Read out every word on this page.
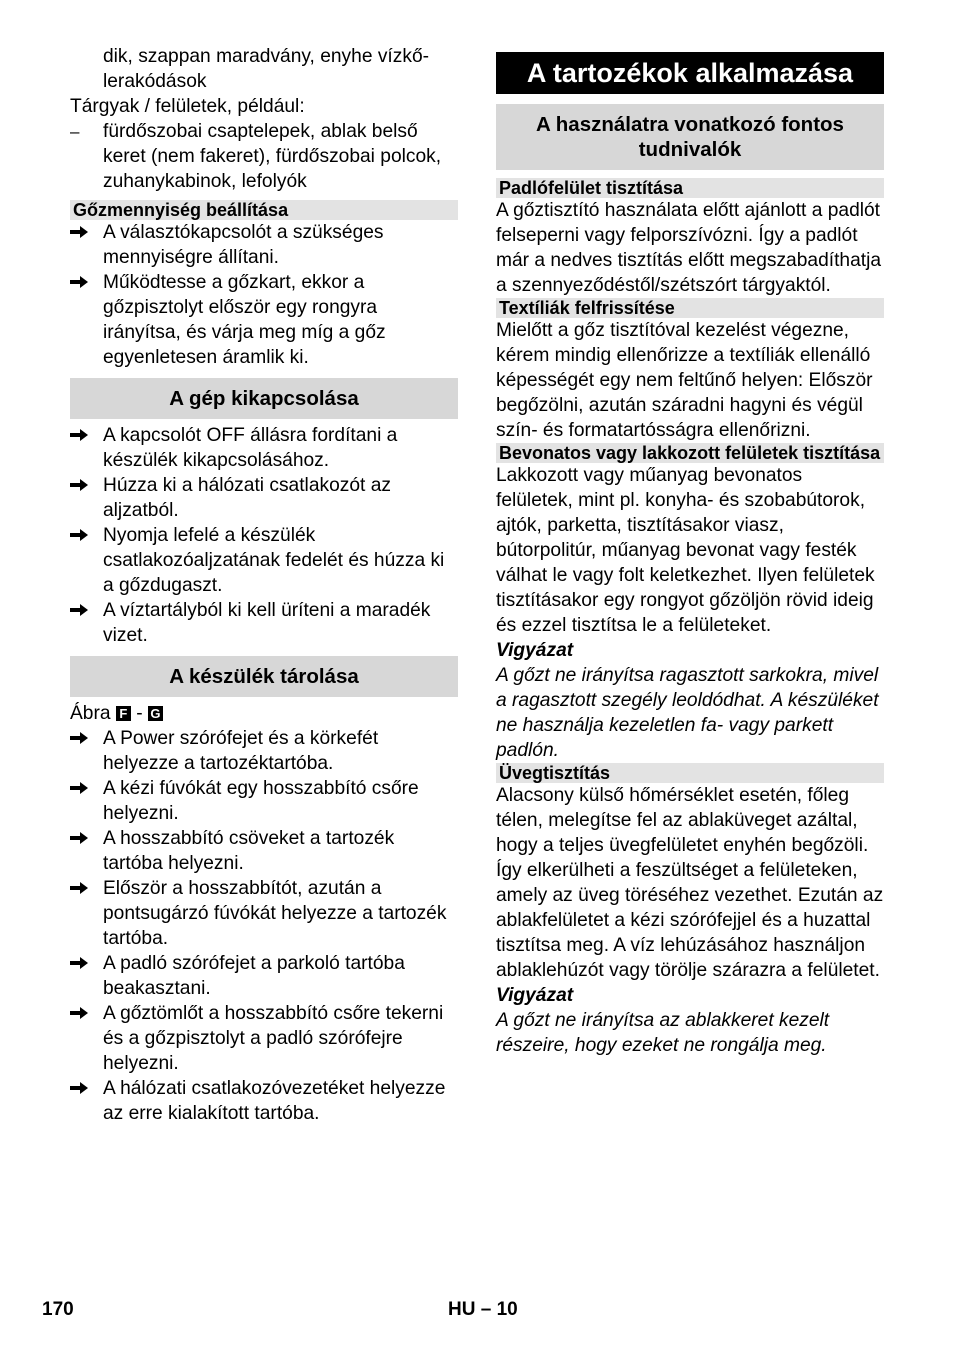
dik, szappan maradvány, enyhe vízkő-lerakódások

Tárgyak / felületek, például:

–	fürdőszobai csaptelepek, ablak belső keret (nem fakeret), fürdőszobai polcok, zuhanykabinok, lefolyók
Gőzmennyiség beállítása
A választókapcsolót a szükséges mennyiségre állítani.
Működtesse a gőzkart, ekkor a gőzpisztolyt először egy rongyra irányítsa, és várja meg míg a gőz egyenletesen áramlik ki.
A gép kikapcsolása
A kapcsolót OFF állásra fordítani a készülék kikapcsolásához.
Húzza ki a hálózati csatlakozót az aljzatból.
Nyomja lefelé a készülék csatlakozóaljzatának fedelét és húzza ki a gőzdugaszt.
A víztartályból ki kell üríteni a maradék vizet.
A készülék tárolása

Ábra F - G

A Power szórófejet és a körkefét helyezze a tartozéktartóba.
A kézi fúvókát egy hosszabbító csőre helyezni.
A hosszabbító csöveket a tartozék tartóba helyezni.
Először a hosszabbítót, azután a pontsugárzó fúvókát helyezze a tartozék tartóba.
A padló szórófejet a parkoló tartóba beakasztani.
A gőztömlőt a hosszabbító csőre tekerni és a gőzpisztolyt a padló szórófejre helyezni.
A hálózati csatlakozóvezetéket helyezze az erre kialakított tartóba.
A tartozékok alkalmazása
A használatra vonatkozó fontos tudnivalók
Padlófelület tisztítása

A gőztisztító használata előtt ajánlott a padlót felseperni vagy felporszívózni. Így a padlót már a nedves tisztítás előtt megszabadíthatja a szennyeződéstől/szétszórt tárgyaktól.

Textíliák felfrissítése

Mielőtt a gőz tisztítóval kezelést végezne, kérem mindig ellenőrizze a textíliák ellenálló képességét egy nem feltűnő helyen: Először begőzölni, azután száradni hagyni és végül szín- és formatartósságra ellenőrizni.

Bevonatos vagy lakkozott felületek tisztítása

Lakkozott vagy műanyag bevonatos felületek, mint pl. konyha- és szobabútorok, ajtók, parketta, tisztításakor viasz, bútorpolitúr, műanyag bevonat vagy festék válhat le vagy folt keletkezhet. Ilyen felületek tisztításakor egy rongyot gőzöljön rövid ideig és ezzel tisztítsa le a felületeket.

Vigyázat

A gőzt ne irányítsa ragasztott sarkokra, mivel a ragasztott szegély leoldódhat. A készüléket ne használja kezeletlen fa- vagy parkett padlón.

Üvegtisztítás

Alacsony külső hőmérséklet esetén, főleg télen, melegítse fel az ablaküveget azáltal, hogy a teljes üvegfelületet enyhén begőzöli. Így elkerülheti a feszültséget a felületeken, amely az üveg töréséhez vezethet. Ezután az ablakfelületet a kézi szórófejjel és a huzattal tisztítsa meg. A víz lehúzásához használjon ablaklehúzót vagy törölje szárazra a felületet.

Vigyázat

A gőzt ne irányítsa az ablakkeret kezelt részeire, hogy ezeket ne rongálja meg.

170	HU – 10
